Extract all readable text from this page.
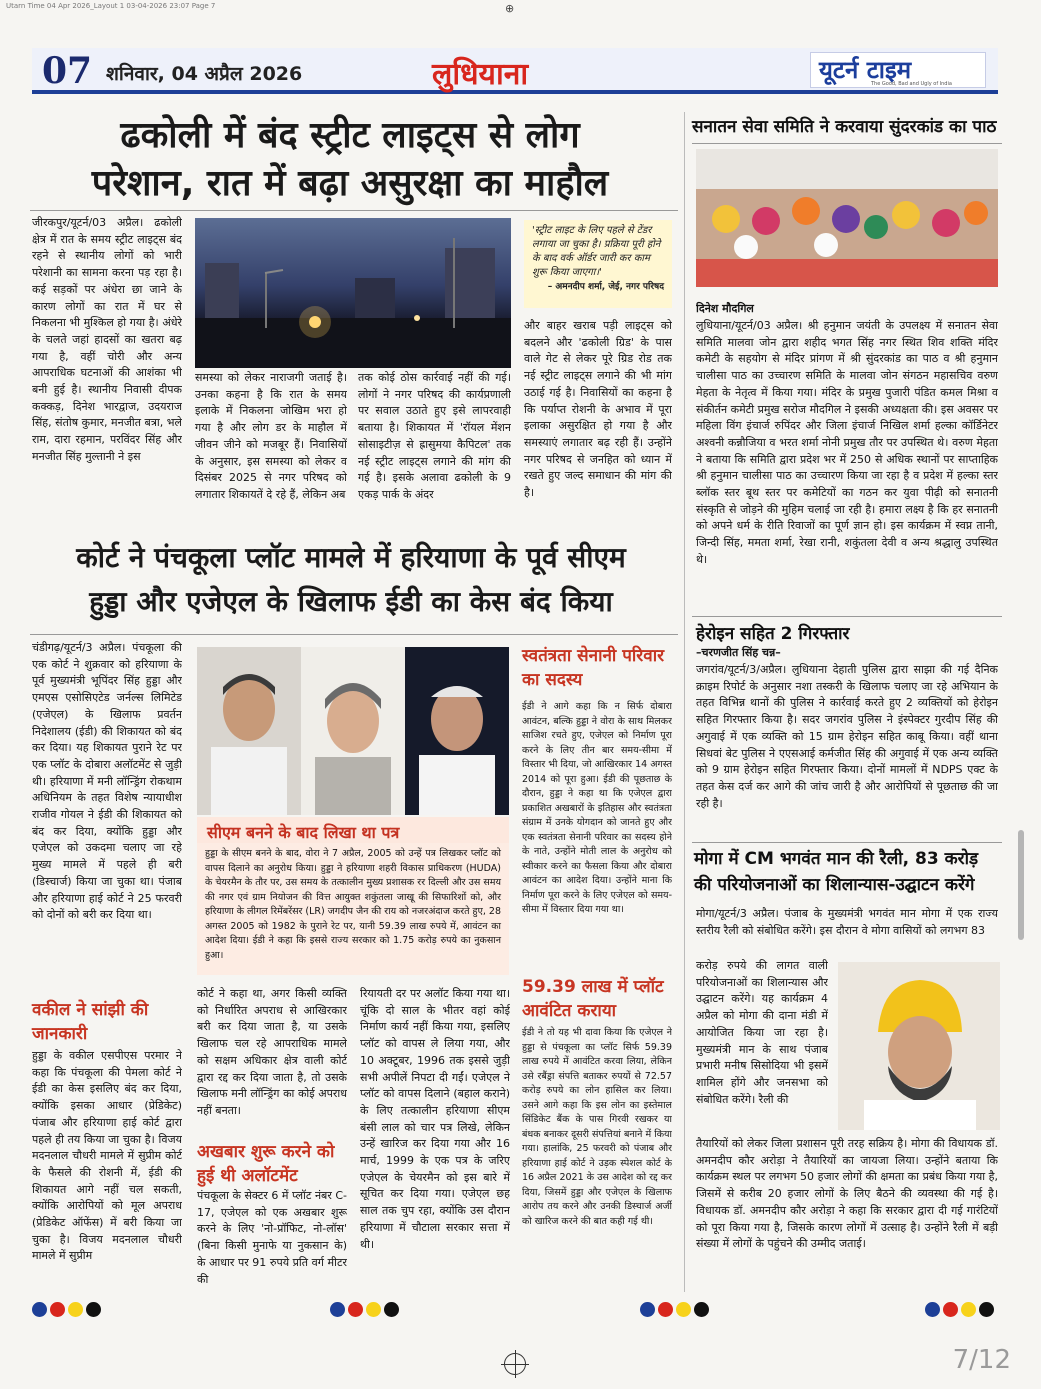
Utarn Time 04 Apr 2026_Layout 1 03-04-2026 23:07 Page 7	⊕
07 शनिवार, 04 अप्रैल 2026	लुधियाना	यूटर्न टाइम
The Good, Bad and Ugly of India
ढकोली में बंद स्ट्रीट लाइट्स से लोग
परेशान, रात में बढ़ा असुरक्षा का माहौल
जीरकपुर/यूटर्न/03 अप्रैल। ढकोली क्षेत्र में रात के समय स्ट्रीट लाइट्स बंद रहने से स्थानीय लोगों को भारी परेशानी का सामना करना पड़ रहा है। कई सड़कों पर अंधेरा छा जाने के कारण लोगों का रात में घर से निकलना भी मुश्किल हो गया है। अंधेरे के चलते जहां हादसों का खतरा बढ़ गया है, वहीं चोरी और अन्य आपराधिक घटनाओं की आशंका भी बनी हुई है। स्थानीय निवासी दीपक कक्कड़, दिनेश भारद्वाज, उदयराज सिंह, संतोष कुमार, मनजीत बत्रा, भले राम, दारा रहमान, परविंदर सिंह और मनजीत सिंह मुल्तानी ने इस
'स्ट्रीट लाइट के लिए पहले से टेंडर लगाया जा चुका है। प्रक्रिया पूरी होने के बाद वर्क ऑर्डर जारी कर काम शुरू किया जाएगा।'
– अमनदीप शर्मा, जेई, नगर परिषद
समस्या को लेकर नाराजगी जताई है। उनका कहना है कि रात के समय इलाके में निकलना जोखिम भरा हो गया है और लोग डर के माहौल में जीवन जीने को मजबूर हैं। निवासियों के अनुसार, इस समस्या को लेकर व दिसंबर 2025 से नगर परिषद को लगातार शिकायतें दे रहे हैं, लेकिन अब
तक कोई ठोस कार्रवाई नहीं की गई। लोगों ने नगर परिषद की कार्यप्रणाली पर सवाल उठाते हुए इसे लापरवाही बताया है। शिकायत में 'रॉयल मेंशन सोसाइटीज़ से ह्रासुमया कैपिटल' तक नई स्ट्रीट लाइट्स लगाने की मांग की गई है। इसके अलावा ढकोली के 9 एकड़ पार्क के अंदर
और बाहर खराब पड़ी लाइट्स को बदलने और 'ढकोली ग्रिड' के पास वाले गेट से लेकर पूरे ग्रिड रोड तक नई स्ट्रीट लाइट्स लगाने की भी मांग उठाई गई है। निवासियों का कहना है कि पर्याप्त रोशनी के अभाव में पूरा इलाका असुरक्षित हो गया है और समस्याएं लगातार बढ़ रही हैं। उन्होंने नगर परिषद से जनहित को ध्यान में रखते हुए जल्द समाधान की मांग की है।
कोर्ट ने पंचकूला प्लॉट मामले में हरियाणा के पूर्व सीएम
हुड्डा और एजेएल के खिलाफ ईडी का केस बंद किया
चंडीगढ़/यूटर्न/3 अप्रैल। पंचकूला की एक कोर्ट ने शुक्रवार को हरियाणा के पूर्व मुख्यमंत्री भूपिंदर सिंह हुड्डा और एमएस एसोसिएटेड जर्नल्स लिमिटेड (एजेएल) के खिलाफ प्रवर्तन निदेशालय (ईडी) की शिकायत को बंद कर दिया। यह शिकायत पुराने रेट पर एक प्लॉट के दोबारा अलॉटमेंट से जुड़ी थी। हरियाणा में मनी लॉन्ड्रिंग रोकथाम अधिनियम के तहत विशेष न्यायाधीश राजीव गोयल ने ईडी की शिकायत को बंद कर दिया, क्योंकि हुड्डा और एजेएल को उकदमा चलाए जा रहे मुख्य मामले में पहले ही बरी (डिस्चार्ज) किया जा चुका था। पंजाब और हरियाणा हाई कोर्ट ने 25 फरवरी को दोनों को बरी कर दिया था।
वकील ने सांझी की जानकारी
हुड्डा के वकील एसपीएस परमार ने कहा कि पंचकूला की पेमला कोर्ट ने ईडी का केस इसलिए बंद कर दिया, क्योंकि इसका आधार (प्रेडिकेट) पंजाब और हरियाणा हाई कोर्ट द्वारा पहले ही तय किया जा चुका है। विजय मदनलाल चौधरी मामले में सुप्रीम कोर्ट के फैसले की रोशनी में, ईडी की शिकायत आगे नहीं चल सकती, क्योंकि आरोपियों को मूल अपराध (प्रेडिकेट ऑफेंस) में बरी किया जा चुका है। विजय मदनलाल चौधरी मामले में सुप्रीम
सीएम बनने के बाद लिखा था पत्र
हुड्डा के सीएम बनने के बाद, वोरा ने 7 अप्रैल, 2005 को उन्हें पत्र लिखकर प्लॉट को वापस दिलाने का अनुरोध किया। हुड्डा ने हरियाणा शहरी विकास प्राधिकरण (HUDA) के चेयरमैन के तौर पर, उस समय के तत्कालीन मुख्य प्रशासक रर दिल्ली और उस समय की नगर एवं ग्राम नियोजन की वित्त आयुक्त शकुंतला जाखू की सिफारिशों को, और हरियाणा के लीगल रिमेंबरेंसर (LR) जगदीप जैन की राय को नजरअंदाज करते हुए, 28 अगस्त 2005 को 1982 के पुराने रेट पर, यानी 59.39 लाख रुपये में, आवंटन का आदेश दिया। ईडी ने कहा कि इससे राज्य सरकार को 1.75 करोड़ रुपये का नुकसान हुआ।
कोर्ट ने कहा था, अगर किसी व्यक्ति को निर्धारित अपराध से आखिरकार बरी कर दिया जाता है, या उसके खिलाफ चल रहे आपराधिक मामले को सक्षम अधिकार क्षेत्र वाली कोर्ट द्वारा रद्द कर दिया जाता है, तो उसके खिलाफ मनी लॉन्ड्रिंग का कोई अपराध नहीं बनता।
अखबार शुरू करने को हुई थी अलॉटमेंट
पंचकूला के सेक्टर 6 में प्लॉट नंबर C-17, एजेएल को एक अखबार शुरू करने के लिए 'नो-प्रॉफिट, नो-लॉस' (बिना किसी मुनाफे या नुकसान के) के आधार पर 91 रुपये प्रति वर्ग मीटर की
रियायती दर पर अलॉट किया गया था। चूंकि दो साल के भीतर वहां कोई निर्माण कार्य नहीं किया गया, इसलिए प्लॉट को वापस ले लिया गया, और 10 अक्टूबर, 1996 तक इससे जुड़ी सभी अपीलें निपटा दी गईं। एजेएल ने प्लॉट को वापस दिलाने (बहाल कराने) के लिए तत्कालीन हरियाणा सीएम बंसी लाल को चार पत्र लिखे, लेकिन उन्हें खारिज कर दिया गया और 16 मार्च, 1999 के एक पत्र के जरिए एजेएल के चेयरमैन को इस बारे में सूचित कर दिया गया। एजेएल छह साल तक चुप रहा, क्योंकि उस दौरान हरियाणा में चौटाला सरकार सत्ता में थी।
स्वतंत्रता सेनानी परिवार का सदस्य
ईडी ने आगे कहा कि न सिर्फ दोबारा आवंटन, बल्कि हुड्डा ने वोरा के साथ मिलकर साजिश रचते हुए, एजेएल को निर्माण पूरा करने के लिए तीन बार समय-सीमा में विस्तार भी दिया, जो आखिरकार 14 अगस्त 2014 को पूरा हुआ। ईडी की पूछताछ के दौरान, हुड्डा ने कहा था कि एजेएल द्वारा प्रकाशित अखबारों के इतिहास और स्वतंत्रता संग्राम में उनके योगदान को जानते हुए और एक स्वतंत्रता सेनानी परिवार का सदस्य होने के नाते, उन्होंने मोती लाल के अनुरोध को स्वीकार करने का फैसला किया और दोबारा आवंटन का आदेश दिया। उन्होंने माना कि निर्माण पूरा करने के लिए एजेएल को समय-सीमा में विस्तार दिया गया था।
59.39 लाख में प्लॉट आवंटित कराया
ईडी ने तो यह भी दावा किया कि एजेएल ने हुड्डा से पंचकूला का प्लॉट सिर्फ 59.39 लाख रुपये में आवंटित करवा लिया, लेकिन उसे रबैंड्रा संपत्ति बताकर रुपयों से 72.57 करोड़ रुपये का लोन हासिल कर लिया। उसने आगे कहा कि इस लोन का इस्तेमाल सिंडिकेट बैंक के पास गिरवी रखकर या बंधक बनाकर दूसरी संपत्तियां बनाने में किया गया। हालांकि, 25 फरवरी को पंजाब और हरियाणा हाई कोर्ट ने उड़क स्पेशल कोर्ट के 16 अप्रैल 2021 के उस आदेश को रद्द कर दिया, जिसमें हुड्डा और एजेएल के खिलाफ आरोप तय करने और उनकी डिस्चार्ज अर्जी को खारिज करने की बात कही गई थी।
सनातन सेवा समिति ने करवाया सुंदरकांड का पाठ
दिनेश मौदगिल
लुधियाना/यूटर्न/03 अप्रैल। श्री हनुमान जयंती के उपलक्ष्य में सनातन सेवा समिति मालवा जोन द्वारा शहीद भगत सिंह नगर स्थित शिव शक्ति मंदिर कमेटी के सहयोग से मंदिर प्रांगण में श्री सुंदरकांड का पाठ व श्री हनुमान चालीसा पाठ का उच्चारण समिति के मालवा जोन संगठन महासचिव वरुण मेहता के नेतृत्व में किया गया। मंदिर के प्रमुख पुजारी पंडित कमल मिश्रा व संकीर्तन कमेटी प्रमुख सरोज मौदगिल ने इसकी अध्यक्षता की। इस अवसर पर महिला विंग इंचार्ज रुपिंदर और जिला इंचार्ज निखिल शर्मा हल्का कॉर्डिनेटर अश्वनी कन्नौजिया व भरत शर्मा नोनी प्रमुख तौर पर उपस्थित थे। वरुण मेहता ने बताया कि समिति द्वारा प्रदेश भर में 250 से अधिक स्थानों पर साप्ताहिक श्री हनुमान चालीसा पाठ का उच्चारण किया जा रहा है व प्रदेश में हल्का स्तर ब्लॉक स्तर बूथ स्तर पर कमेटियों का गठन कर युवा पीढ़ी को सनातनी संस्कृति से जोड़ने की मुहिम चलाई जा रही है। हमारा लक्ष्य है कि हर सनातनी को अपने धर्म के रीति रिवाजों का पूर्ण ज्ञान हो। इस कार्यक्रम में स्वप्न तानी, जिन्दी सिंह, ममता शर्मा, रेखा रानी, शकुंतला देवी व अन्य श्रद्धालु उपस्थित थे।
हेरोइन सहित 2 गिरफ्तार
–चरणजीत सिंह चन्न–
जगरांव/यूटर्न/3/अप्रैल। लुधियाना देहाती पुलिस द्वारा साझा की गई दैनिक क्राइम रिपोर्ट के अनुसार नशा तस्करी के खिलाफ चलाए जा रहे अभियान के तहत विभिन्न थानों की पुलिस ने कार्रवाई करते हुए 2 व्यक्तियों को हेरोइन सहित गिरफ्तार किया है। सदर जगरांव पुलिस ने इंस्पेक्टर गुरदीप सिंह की अगुवाई में एक व्यक्ति को 15 ग्राम हेरोइन सहित काबू किया। वहीं थाना सिधवां बेट पुलिस ने एएसआई कर्मजीत सिंह की अगुवाई में एक अन्य व्यक्ति को 9 ग्राम हेरोइन सहित गिरफ्तार किया। दोनों मामलों में NDPS एक्ट के तहत केस दर्ज कर आगे की जांच जारी है और आरोपियों से पूछताछ की जा रही है।
मोगा में CM भगवंत मान की रैली, 83 करोड़
की परियोजनाओं का शिलान्यास-उद्घाटन करेंगे
मोगा/यूटर्न/3 अप्रैल। पंजाब के मुख्यमंत्री भगवंत मान मोगा में एक राज्य स्तरीय रैली को संबोधित करेंगे। इस दौरान वे मोगा वासियों को लगभग 83
करोड़ रुपये की लागत वाली परियोजनाओं का शिलान्यास और उद्घाटन करेंगे। यह कार्यक्रम 4 अप्रैल को मोगा की दाना मंडी में आयोजित किया जा रहा है। मुख्यमंत्री मान के साथ पंजाब प्रभारी मनीष सिसोदिया भी इसमें शामिल होंगे और जनसभा को संबोधित करेंगे। रैली की
तैयारियों को लेकर जिला प्रशासन पूरी तरह सक्रिय है। मोगा की विधायक डॉ. अमनदीप कौर अरोड़ा ने तैयारियों का जायजा लिया। उन्होंने बताया कि कार्यक्रम स्थल पर लगभग 50 हजार लोगों की क्षमता का प्रबंध किया गया है, जिसमें से करीब 20 हजार लोगों के लिए बैठने की व्यवस्था की गई है। विधायक डॉ. अमनदीप कौर अरोड़ा ने कहा कि सरकार द्वारा दी गई गारंटियों को पूरा किया गया है, जिसके कारण लोगों में उत्साह है। उन्होंने रैली में बड़ी संख्या में लोगों के पहुंचने की उम्मीद जताई।
7/12
